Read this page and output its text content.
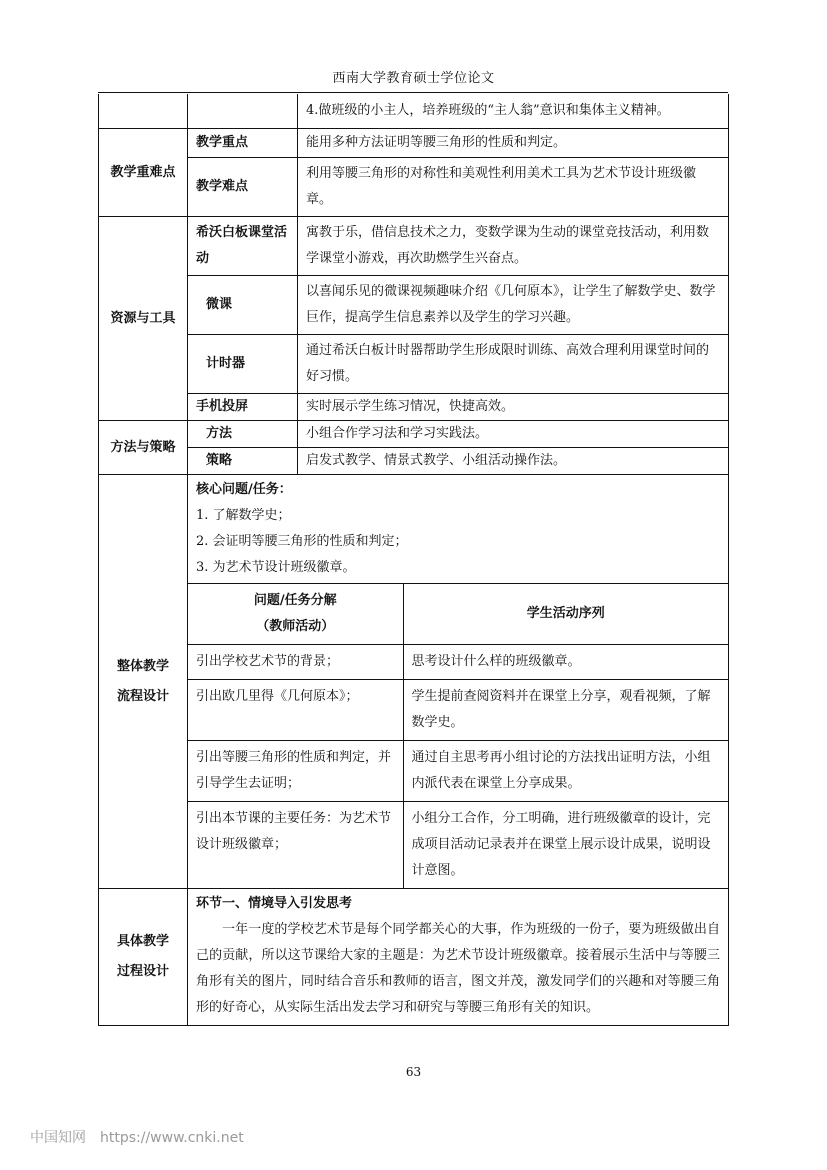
西南大学教育硕士学位论文
		4.做班级的小主人，培养班级的“主人翁”意识和集体主义精神。
教学重难点	教学重点	能用多种方法证明等腰三角形的性质和判定。
教学难点	利用等腰三角形的对称性和美观性利用美术工具为艺术节设计班级徽章。
资源与工具	希沃白板课堂活动	寓教于乐，借信息技术之力，变数学课为生动的课堂竞技活动，利用数学课堂小游戏，再次助燃学生兴奋点。
微课	以喜闻乐见的微课视频趣味介绍《几何原本》，让学生了解数学史、数学巨作，提高学生信息素养以及学生的学习兴趣。
计时器	通过希沃白板计时器帮助学生形成限时训练、高效合理利用课堂时间的好习惯。
手机投屏	实时展示学生练习情况，快捷高效。
方法与策略	方法	小组合作学习法和学习实践法。
策略	启发式教学、情景式教学、小组活动操作法。
整体教学流程设计	
核心问题/任务：
1. 了解数学史；
2. 会证明等腰三角形的性质和判定；
3. 为艺术节设计班级徽章。
问题/任务分解（教师活动）	学生活动序列
引出学校艺术节的背景；	思考设计什么样的班级徽章。
引出欧几里得《几何原本》；	学生提前查阅资料并在课堂上分享，观看视频，了解数学史。
引出等腰三角形的性质和判定，并引导学生去证明；	通过自主思考再小组讨论的方法找出证明方法，小组内派代表在课堂上分享成果。
引出本节课的主要任务：为艺术节设计班级徽章；	小组分工合作，分工明确，进行班级徽章的设计，完成项目活动记录表并在课堂上展示设计成果，说明设计意图。

具体教学过程设计	
环节一、情境导入引发思考

一年一度的学校艺术节是每个同学都关心的大事，作为班级的一份子，要为班级做出自己的贡献，所以这节课给大家的主题是：为艺术节设计班级徽章。接着展示生活中与等腰三角形有关的图片，同时结合音乐和教师的语言，图文并茂，激发同学们的兴趣和对等腰三角形的好奇心，从实际生活出发去学习和研究与等腰三角形有关的知识。

63
中国知网 https://www.cnki.net
